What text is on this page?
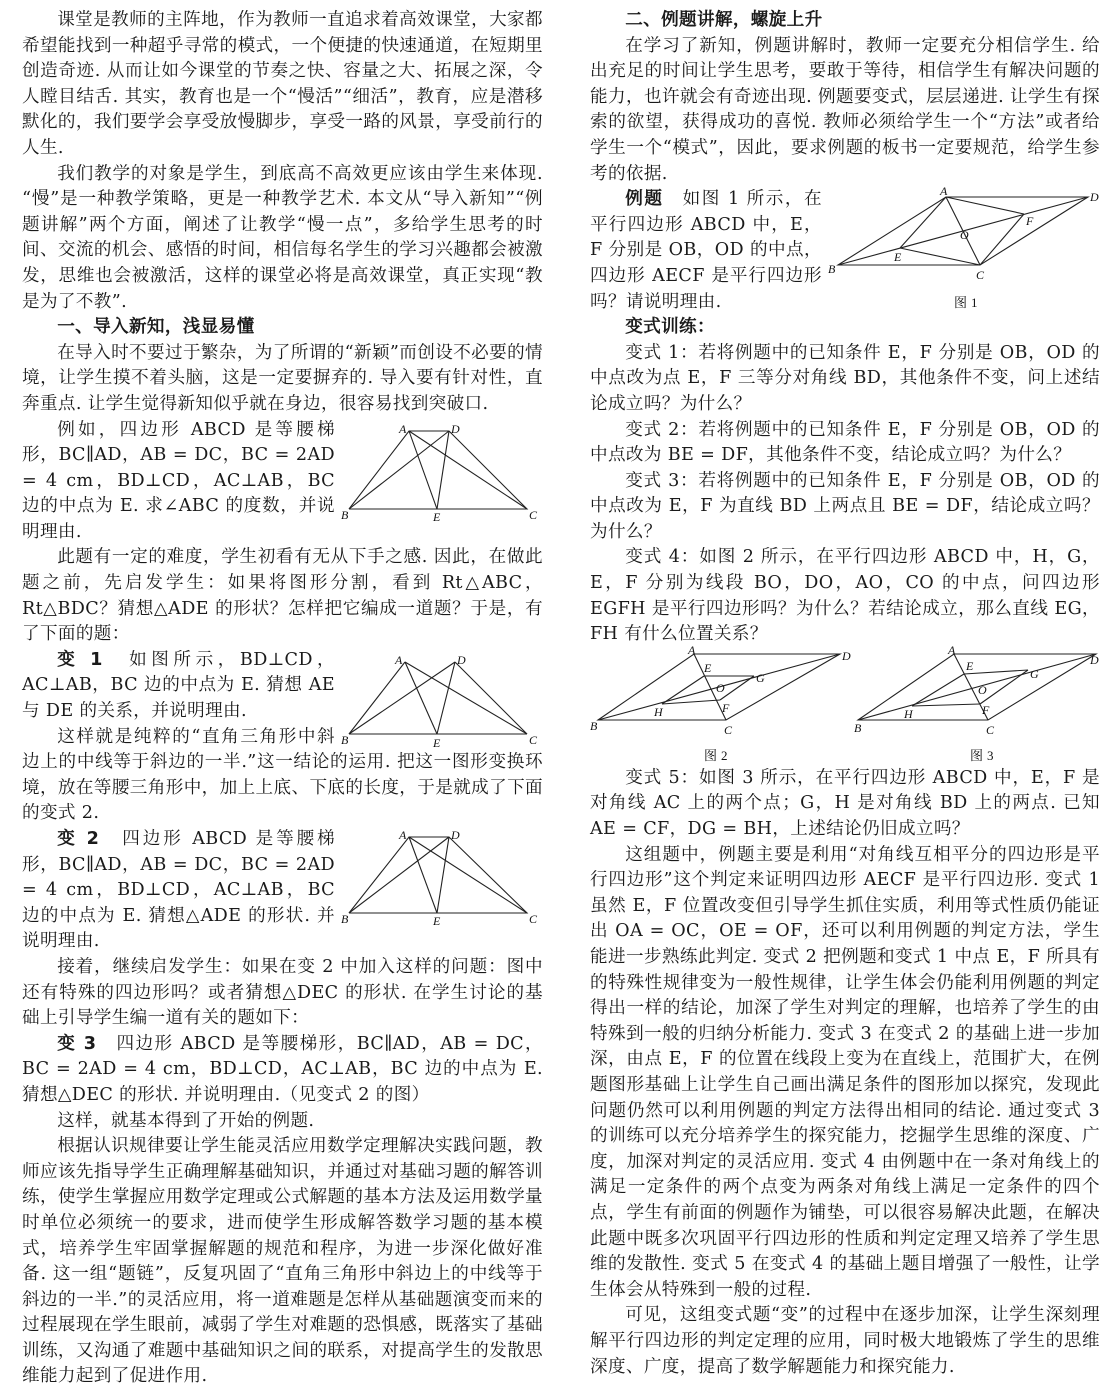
课堂是教师的主阵地，作为教师一直追求着高效课堂，大家都希望能找到一种超乎寻常的模式，一个便捷的快速通道，在短期里创造奇迹. 从而让如今课堂的节奏之快、容量之大、拓展之深，令人瞠目结舌. 其实，教育也是一个“慢活”“细活”，教育，应是潜移默化的，我们要学会享受放慢脚步，享受一路的风景，享受前行的人生.

我们教学的对象是学生，到底高不高效更应该由学生来体现. “慢”是一种教学策略，更是一种教学艺术. 本文从“导入新知”“例题讲解”两个方面，阐述了让教学“慢一点”，多给学生思考的时间、交流的机会、感悟的时间，相信每名学生的学习兴趣都会被激发，思维也会被激活，这样的课堂必将是高效课堂，真正实现“教是为了不教”.

一、导入新知，浅显易懂

在导入时不要过于繁杂，为了所谓的“新颖”而创设不必要的情境，让学生摸不着头脑，这是一定要摒弃的. 导入要有针对性，直奔重点. 让学生觉得新知似乎就在身边，很容易找到突破口.

A	D
B	C
E

例如，四边形 ABCD 是等腰梯形，BC∥AD，AB = DC，BC = 2AD = 4 cm，BD⊥CD，AC⊥AB，BC 边的中点为 E. 求∠ABC 的度数，并说明理由.

此题有一定的难度，学生初看有无从下手之感. 因此，在做此题之前，先启发学生：如果将图形分割，看到 Rt△ABC，Rt△BDC？猜想△ADE 的形状？怎样把它编成一道题？于是，有了下面的题：

A	D
B	C
E

变 1　 如图所示，BD⊥CD，AC⊥AB，BC 边的中点为 E. 猜想 AE 与 DE 的关系，并说明理由.

这样就是纯粹的“直角三角形中斜边上的中线等于斜边的一半.”这一结论的运用. 把这一图形变换环境，放在等腰三角形中，加上上底、下底的长度，于是就成了下面的变式 2.

A	D
B	C
E

变 2　 四边形 ABCD 是等腰梯形，BC∥AD，AB = DC，BC = 2AD = 4 cm，BD⊥CD，AC⊥AB，BC 边的中点为 E. 猜想△ADE 的形状. 并说明理由.

接着，继续启发学生：如果在变 2 中加入这样的问题：图中还有特殊的四边形吗？或者猜想△DEC 的形状. 在学生讨论的基础上引导学生编一道有关的题如下：

变 3　 四边形 ABCD 是等腰梯形，BC∥AD，AB = DC，BC = 2AD = 4 cm，BD⊥CD，AC⊥AB，BC 边的中点为 E. 猜想△DEC 的形状. 并说明理由.（见变式 2 的图）

这样，就基本得到了开始的例题.

根据认识规律要让学生能灵活应用数学定理解决实践问题，教师应该先指导学生正确理解基础知识，并通过对基础习题的解答训练，使学生掌握应用数学定理或公式解题的基本方法及运用数学量时单位必须统一的要求，进而使学生形成解答数学习题的基本模式，培养学生牢固掌握解题的规范和程序，为进一步深化做好准备. 这一组“题链”，反复巩固了“直角三角形中斜边上的中线等于斜边的一半.”的灵活应用，将一道难题是怎样从基础题演变而来的过程展现在学生眼前，减弱了学生对难题的恐惧感，既落实了基础训练，又沟通了难题中基础知识之间的联系，对提高学生的发散思维能力起到了促进作用.

二、例题讲解，螺旋上升

在学习了新知，例题讲解时，教师一定要充分相信学生. 给出充足的时间让学生思考，要敢于等待，相信学生有解决问题的能力，也许就会有奇迹出现. 例题要变式，层层递进. 让学生有探索的欲望，获得成功的喜悦. 教师必须给学生一个“方法”或者给学生一个“模式”，因此，要求例题的板书一定要规范，给学生参考的依据.

A	D
B	C
E
F
O
图 1

例题　 如图 1 所示，在平行四边形 ABCD 中，E，F 分别是 OB，OD 的中点，四边形 AECF 是平行四边形吗？请说明理由.

变式训练：

变式 1：若将例题中的已知条件 E，F 分别是 OB，OD 的中点改为点 E，F 三等分对角线 BD，其他条件不变，问上述结论成立吗？为什么？

变式 2：若将例题中的已知条件 E，F 分别是 OB，OD 的中点改为 BE = DF，其他条件不变，结论成立吗？为什么？

变式 3：若将例题中的已知条件 E，F 分别是 OB，OD 的中点改为 E，F 为直线 BD 上两点且 BE = DF，结论成立吗？为什么？

变式 4：如图 2 所示，在平行四边形 ABCD 中，H，G，E，F 分别为线段 BO，DO，AO，CO 的中点，问四边形 EGFH 是平行四边形吗？为什么？若结论成立，那么直线 EG，FH 有什么位置关系？

A	D
B	C
E
G
F
H
O
图 2
A
D
B	C
E
G
F
H
O
图 3

变式 5：如图 3 所示，在平行四边形 ABCD 中，E，F 是对角线 AC 上的两个点；G，H 是对角线 BD 上的两点. 已知 AE = CF，DG = BH，上述结论仍旧成立吗？

这组题中，例题主要是利用“对角线互相平分的四边形是平行四边形”这个判定来证明四边形 AECF 是平行四边形. 变式 1 虽然 E，F 位置改变但引导学生抓住实质，利用等式性质仍能证出 OA = OC，OE = OF，还可以利用例题的判定方法，学生能进一步熟练此判定. 变式 2 把例题和变式 1 中点 E，F 所具有的特殊性规律变为一般性规律，让学生体会仍能利用例题的判定得出一样的结论，加深了学生对判定的理解，也培养了学生的由特殊到一般的归纳分析能力. 变式 3 在变式 2 的基础上进一步加深，由点 E，F 的位置在线段上变为在直线上，范围扩大，在例题图形基础上让学生自己画出满足条件的图形加以探究，发现此问题仍然可以利用例题的判定方法得出相同的结论. 通过变式 3 的训练可以充分培养学生的探究能力，挖掘学生思维的深度、广度，加深对判定的灵活应用. 变式 4 由例题中在一条对角线上的满足一定条件的两个点变为两条对角线上满足一定条件的四个点，学生有前面的例题作为铺垫，可以很容易解决此题，在解决此题中既多次巩固平行四边形的性质和判定定理又培养了学生思维的发散性. 变式 5 在变式 4 的基础上题目增强了一般性，让学生体会从特殊到一般的过程.

可见，这组变式题“变”的过程中在逐步加深，让学生深刻理解平行四边形的判定定理的应用，同时极大地锻炼了学生的思维深度、广度，提高了数学解题能力和探究能力.
